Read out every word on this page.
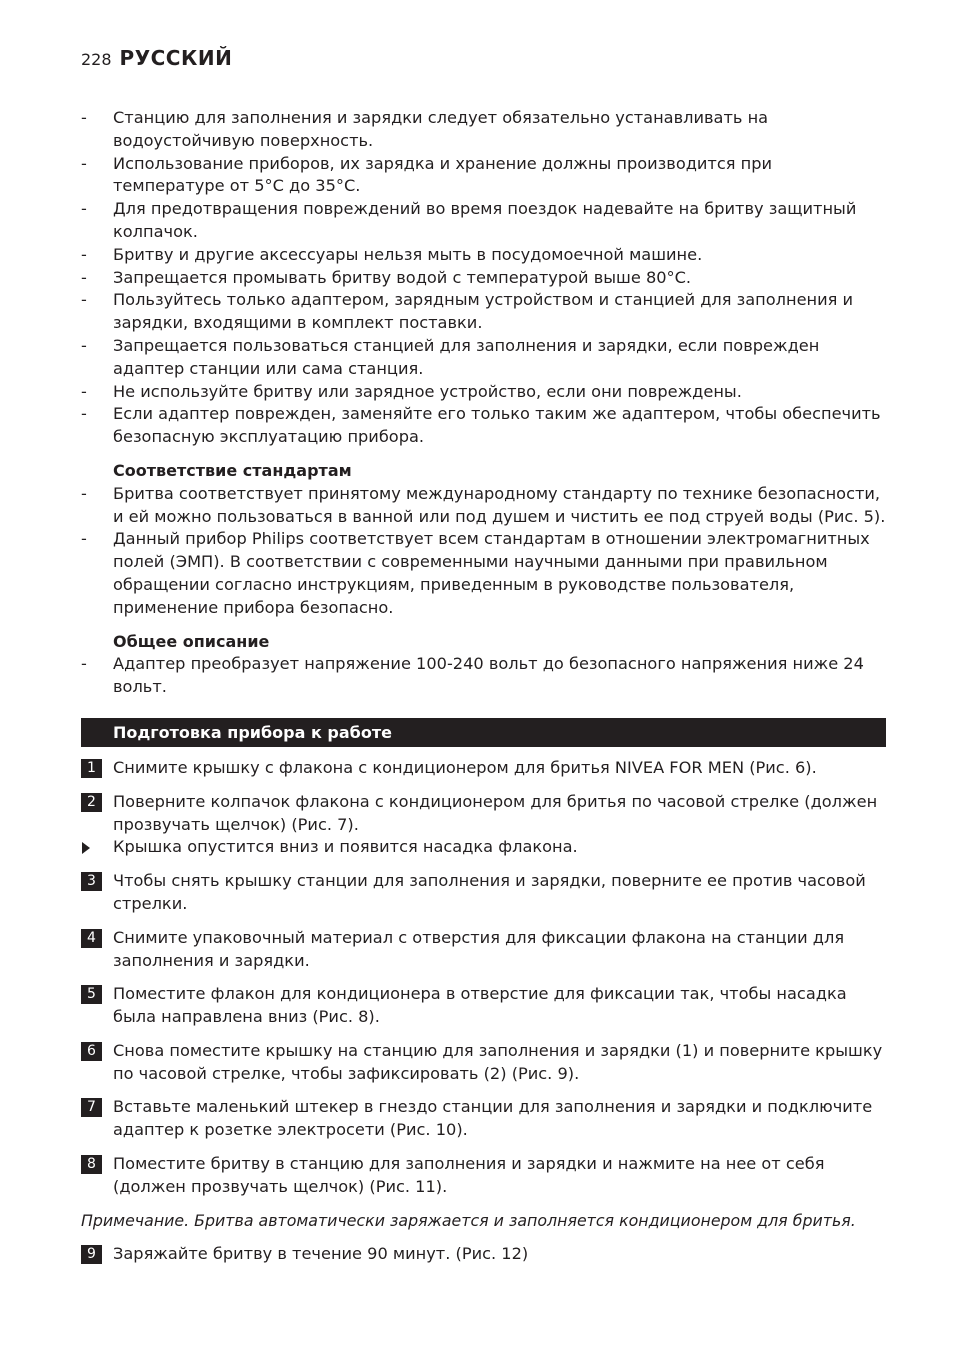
228 РУССКИЙ
-	Станцию для заполнения и зарядки следует обязательно устанавливать на водоустойчивую поверхность.
-	Использование приборов, их зарядка и хранение должны производится при температуре от 5°C до 35°C.
-	Для предотвращения повреждений во время поездок надевайте на бритву защитный колпачок.
-	Бритву и другие аксессуары нельзя мыть в посудомоечной машине.
-	Запрещается промывать бритву водой с температурой выше 80°C.
-	Пользуйтесь только адаптером, зарядным устройством и станцией для заполнения и зарядки, входящими в комплект поставки.
-	Запрещается пользоваться станцией для заполнения и зарядки, если поврежден адаптер станции или сама станция.
-	Не используйте бритву или зарядное устройство, если они повреждены.
-	Если адаптер поврежден, заменяйте его только таким же адаптером, чтобы обеспечить безопасную эксплуатацию прибора.
Соответствие стандартам
-	Бритва соответствует принятому международному стандарту по технике безопасности, и ей можно пользоваться в ванной или под душем и чистить ее под струей воды (Рис. 5).
-	Данный прибор Philips соответствует всем стандартам в отношении электромагнитных полей (ЭМП). В соответствии с современными научными данными при правильном обращении согласно инструкциям, приведенным в руководстве пользователя, применение прибора безопасно.
Общее описание
-	Адаптер преобразует напряжение 100-240 вольт до безопасного напряжения ниже 24 вольт.
Подготовка прибора к работе
1	Снимите крышку с флакона с кондиционером для бритья NIVEA FOR MEN (Рис. 6).
2	Поверните колпачок флакона с кондиционером для бритья по часовой стрелке (должен прозвучать щелчок) (Рис. 7).
Крышка опустится вниз и появится насадка флакона.
3	Чтобы снять крышку станции для заполнения и зарядки, поверните ее против часовой стрелки.
4	Снимите упаковочный материал с отверстия для фиксации флакона на станции для заполнения и зарядки.
5	Поместите флакон для кондиционера в отверстие для фиксации так, чтобы насадка была направлена вниз (Рис. 8).
6	Снова поместите крышку на станцию для заполнения и зарядки (1) и поверните крышку по часовой стрелке, чтобы зафиксировать (2) (Рис. 9).
7	Вставьте маленький штекер в гнездо станции для заполнения и зарядки и подключите адаптер к розетке электросети (Рис. 10).
8	Поместите бритву в станцию для заполнения и зарядки и нажмите на нее от себя (должен прозвучать щелчок) (Рис. 11).
Примечание. Бритва автоматически заряжается и заполняется кондиционером для бритья.
9	Заряжайте бритву в течение 90 минут. (Рис. 12)
